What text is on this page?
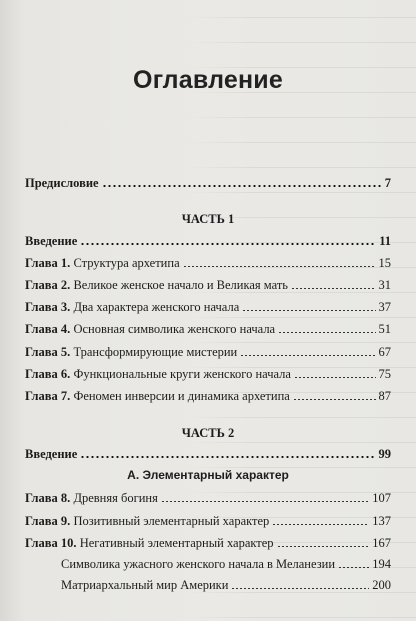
Оглавление
Предисловие	7
ЧАСТЬ 1
Введение	11
Глава 1. Структура архетипа	15
Глава 2. Великое женское начало и Великая мать	31
Глава 3. Два характера женского начала	37
Глава 4. Основная символика женского начала	51
Глава 5. Трансформирующие мистерии	67
Глава 6. Функциональные круги женского начала	75
Глава 7. Феномен инверсии и динамика архетипа	87
ЧАСТЬ 2
Введение	99
А. Элементарный характер
Глава 8. Древняя богиня	107
Глава 9. Позитивный элементарный характер	137
Глава 10. Негативный элементарный характер	167
Символика ужасного женского начала в Меланезии	194
Матриархальный мир Америки	200
